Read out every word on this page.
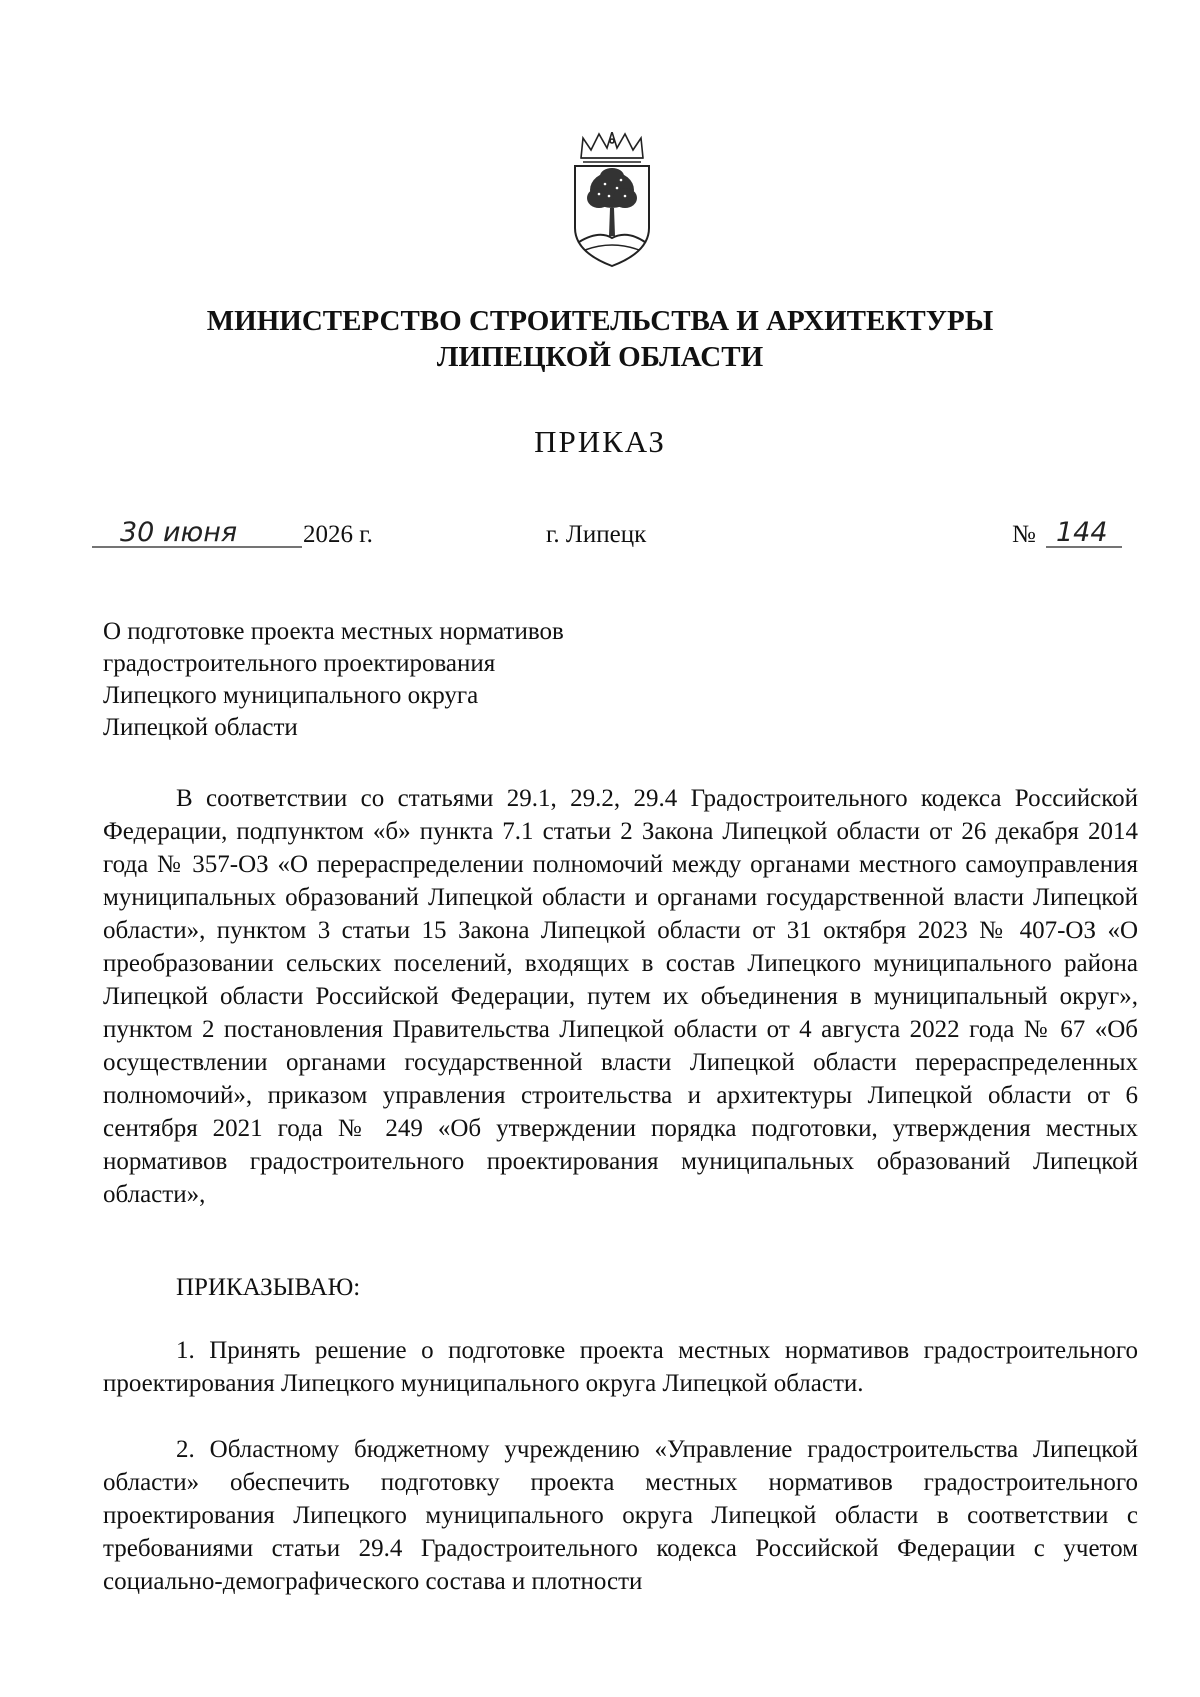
МИНИСТЕРСТВО СТРОИТЕЛЬСТВА И АРХИТЕКТУРЫ
ЛИПЕЦКОЙ ОБЛАСТИ
ПРИКАЗ
30 июня	2026 г.	г. Липецк	№ 144
О подготовке проекта местных нормативов
градостроительного проектирования
Липецкого муниципального округа
Липецкой области

В соответствии со статьями 29.1, 29.2, 29.4 Градостроительного кодекса Российской Федерации, подпунктом «б» пункта 7.1 статьи 2 Закона Липецкой области от 26 декабря 2014 года № 357-ОЗ «О перераспределении полномочий между органами местного самоуправления муниципальных образований Липецкой области и органами государственной власти Липецкой области», пунктом 3 статьи 15 Закона Липецкой области от 31 октября 2023 № 407-ОЗ «О преобразовании сельских поселений, входящих в состав Липецкого муниципального района Липецкой области Российской Федерации, путем их объединения в муниципальный округ», пунктом 2 постановления Правительства Липецкой области от 4 августа 2022 года № 67 «Об осуществлении органами государственной власти Липецкой области перераспределенных полномочий», приказом управления строительства и архитектуры Липецкой области от 6 сентября 2021 года № 249 «Об утверждении порядка подготовки, утверждения местных нормативов градостроительного проектирования муниципальных образований Липецкой области»,

ПРИКАЗЫВАЮ:

1. Принять решение о подготовке проекта местных нормативов градостроительного проектирования Липецкого муниципального округа Липецкой области.

2. Областному бюджетному учреждению «Управление градостроительства Липецкой области» обеспечить подготовку проекта местных нормативов градостроительного проектирования Липецкого муниципального округа Липецкой области в соответствии с требованиями статьи 29.4 Градостроительного кодекса Российской Федерации с учетом социально-демографического состава и плотности
